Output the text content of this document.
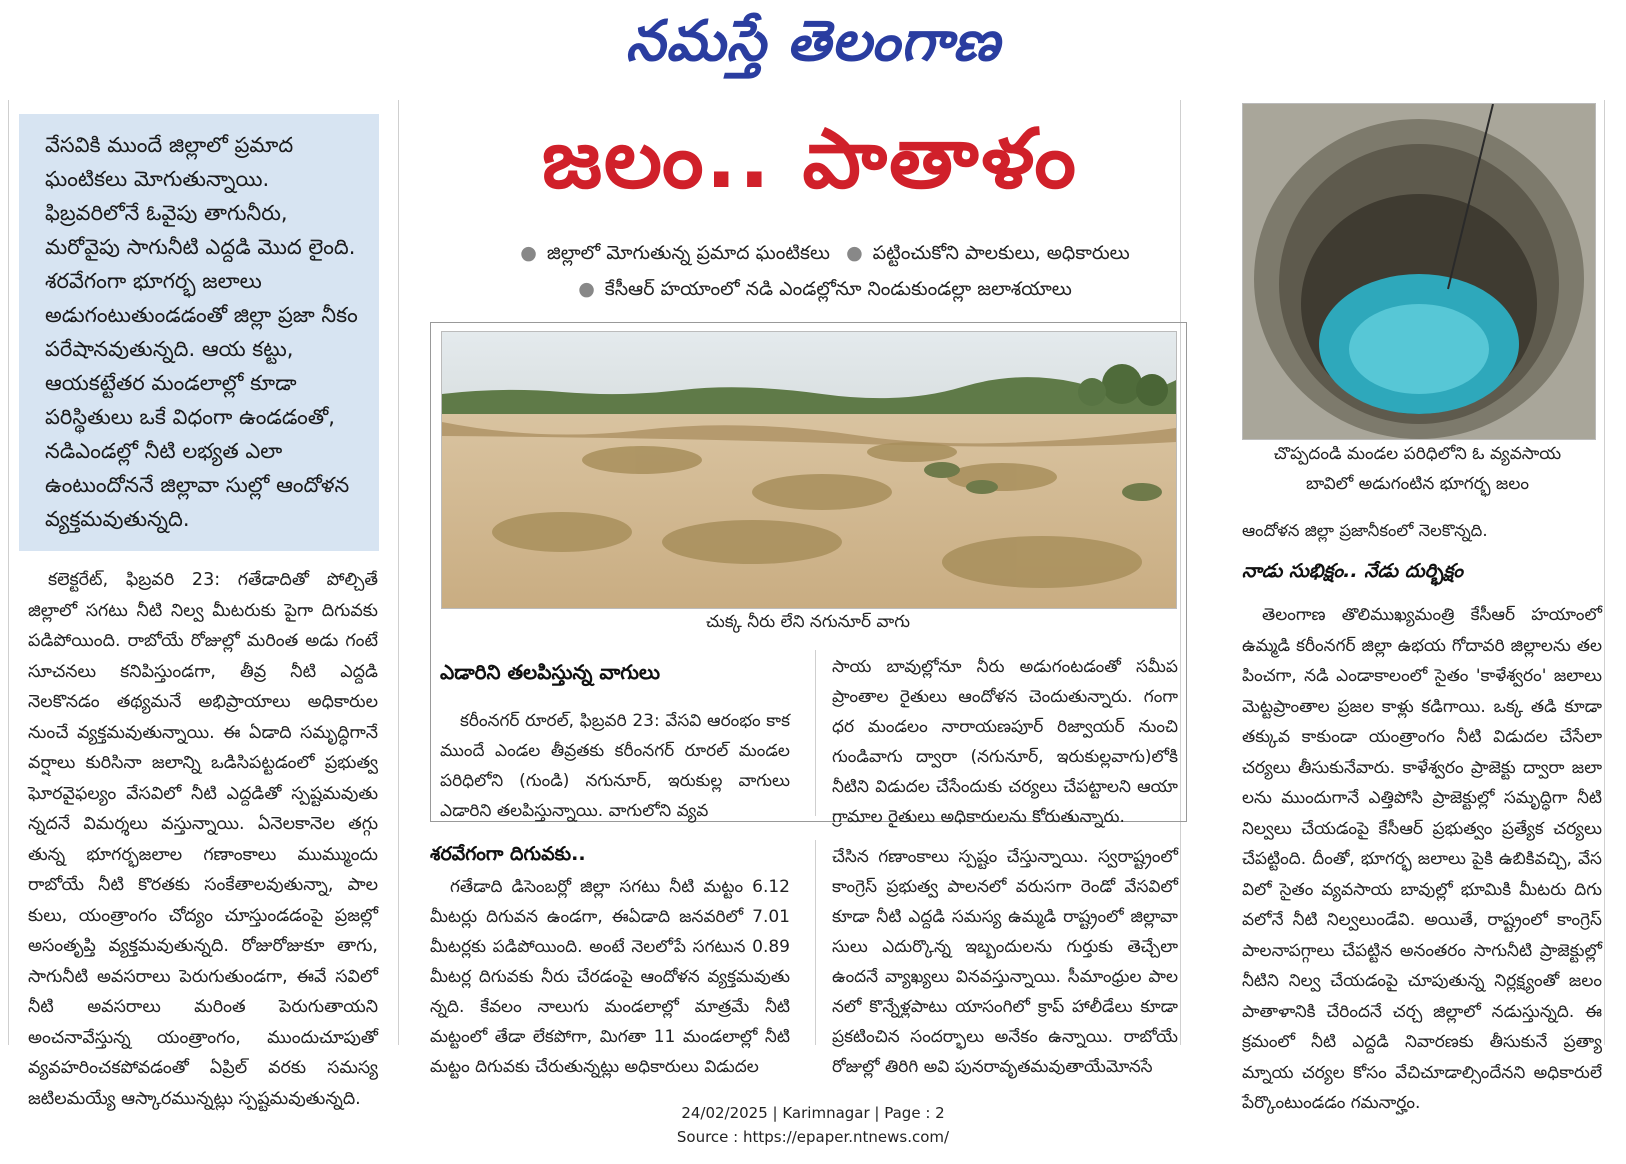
నమస్తే తెలంగాణ

వేసవికి ముందే జిల్లాలో ప్రమాద ఘంటికలు మోగుతున్నాయి. ఫిబ్రవరిలోనే ఓవైపు తాగునీరు, మరోవైపు సాగునీటి ఎద్దడి మొద లైంది. శరవేగంగా భూగర్భ జలాలు అడుగంటుతుండడంతో జిల్లా ప్రజా నీకం పరేషానవుతున్నది. ఆయ కట్టు, ఆయకట్టేతర మండలాల్లో కూడా పరిస్థితులు ఒకే విధంగా ఉండడంతో, నడిఎండల్లో నీటి లభ్యత ఎలా ఉంటుందోననే జిల్లావా సుల్లో ఆందోళన వ్యక్తమవుతున్నది.

జలం.. పాతాళం
● జిల్లాలో మోగుతున్న ప్రమాద ఘంటికలు ● పట్టించుకోని పాలకులు, అధికారులు
● కేసీఆర్ హయాంలో నడి ఎండల్లోనూ నిండుకుండల్లా జలాశయాలు
చుక్క నీరు లేని నగునూర్ వాగు
చొప్పదండి మండల పరిధిలోని ఓ వ్యవసాయ
బావిలో అడుగంటిన భూగర్భ జలం

కలెక్టరేట్, ఫిబ్రవరి 23: గతేడాదితో పోల్చితే జిల్లాలో సగటు నీటి నిల్వ మీటరుకు పైగా దిగువకు పడిపోయింది. రాబోయే రోజుల్లో మరింత అడు గంటే సూచనలు కనిపిస్తుండగా, తీవ్ర నీటి ఎద్దడి నెలకొనడం తథ్యమనే అభిప్రాయాలు అధికారుల నుంచే వ్యక్తమవుతున్నాయి. ఈ ఏడాది సమృద్ధిగానే వర్షాలు కురిసినా జలాన్ని ఒడిసిపట్టడంలో ప్రభుత్వ ఘోరవైఫల్యం వేసవిలో నీటి ఎద్దడితో స్పష్టమవుతు న్నదనే విమర్శలు వస్తున్నాయి. ఏనెలకానెల తగ్గు తున్న భూగర్భజలాల గణాంకాలు ముమ్ముందు రాబోయే నీటి కొరతకు సంకేతాలవుతున్నా, పాల కులు, యంత్రాంగం చోద్యం చూస్తుండడంపై ప్రజల్లో అసంతృప్తి వ్యక్తమవుతున్నది. రోజురోజుకూ తాగు, సాగునీటి అవసరాలు పెరుగుతుండగా, ఈవే సవిలో నీటి అవసరాలు మరింత పెరుగుతాయని అంచనావేస్తున్న యంత్రాంగం, ముందుచూపుతో వ్యవహరించకపోవడంతో ఏప్రిల్ వరకు సమస్య జటిలమయ్యే ఆస్కారమున్నట్లు స్పష్టమవుతున్నది.

ఎడారిని తలపిస్తున్న వాగులు

కరీంనగర్ రూరల్, ఫిబ్రవరి 23: వేసవి ఆరంభం కాక ముందే ఎండల తీవ్రతకు కరీంనగర్ రూరల్ మండల పరిధిలోని (గుండి) నగునూర్, ఇరుకుల్ల వాగులు ఎడారిని తలపిస్తున్నాయి. వాగులోని వ్యవ

సాయ బావుల్లోనూ నీరు అడుగంటడంతో సమీప ప్రాంతాల రైతులు ఆందోళన చెందుతున్నారు. గంగా ధర మండలం నారాయణపూర్ రిజ్వాయర్ నుంచి గుండివాగు ద్వారా (నగునూర్, ఇరుకుల్లవాగు)లోకి నీటిని విడుదల చేసేందుకు చర్యలు చేపట్టాలని ఆయా గ్రామాల రైతులు అధికారులను కోరుతున్నారు.

శరవేగంగా దిగువకు..

గతేడాది డిసెంబర్లో జిల్లా సగటు నీటి మట్టం 6.12 మీటర్లు దిగువన ఉండగా, ఈఏడాది జనవరిలో 7.01 మీటర్లకు పడిపోయింది. అంటే నెలలోపే సగటున 0.89 మీటర్ల దిగువకు నీరు చేరడంపై ఆందోళన వ్యక్తమవుతు న్నది. కేవలం నాలుగు మండలాల్లో మాత్రమే నీటి మట్టంలో తేడా లేకపోగా, మిగతా 11 మండలాల్లో నీటి మట్టం దిగువకు చేరుతున్నట్లు అధికారులు విడుదల

చేసిన గణాంకాలు స్పష్టం చేస్తున్నాయి. స్వరాష్ట్రంలో కాంగ్రెస్ ప్రభుత్వ పాలనలో వరుసగా రెండో వేసవిలో కూడా నీటి ఎద్దడి సమస్య ఉమ్మడి రాష్ట్రంలో జిల్లావా సులు ఎదుర్కొన్న ఇబ్బందులను గుర్తుకు తెచ్చేలా ఉందనే వ్యాఖ్యలు వినవస్తున్నాయి. సీమాంధ్రుల పాల నలో కొన్నేళ్లపాటు యాసంగిలో క్రాప్ హాలీడేలు కూడా ప్రకటించిన సందర్భాలు అనేకం ఉన్నాయి. రాబోయే రోజుల్లో తిరిగి అవి పునరావృతమవుతాయేమోనసే

ఆందోళన జిల్లా ప్రజానీకంలో నెలకొన్నది.

నాడు సుభిక్షం.. నేడు దుర్భిక్షం

తెలంగాణ తొలిముఖ్యమంత్రి కేసీఆర్ హయాంలో ఉమ్మడి కరీంనగర్ జిల్లా ఉభయ గోదావరి జిల్లాలను తల పించగా, నడి ఎండాకాలంలో సైతం 'కాళేశ్వరం' జలాలు మెట్టప్రాంతాల ప్రజల కాళ్లు కడిగాయి. ఒక్క తడి కూడా తక్కువ కాకుండా యంత్రాంగం నీటి విడుదల చేసేలా చర్యలు తీసుకునేవారు. కాళేశ్వరం ప్రాజెక్టు ద్వారా జలా లను ముందుగానే ఎత్తిపోసి ప్రాజెక్టుల్లో సమృద్ధిగా నీటి నిల్వలు చేయడంపై కేసీఆర్ ప్రభుత్వం ప్రత్యేక చర్యలు చేపట్టింది. దీంతో, భూగర్భ జలాలు పైకి ఉబికివచ్చి, వేస విలో సైతం వ్యవసాయ బావుల్లో భూమికి మీటరు దిగు వలోనే నీటి నిల్వలుండేవి. అయితే, రాష్ట్రంలో కాంగ్రెస్ పాలనాపగ్గాలు చేపట్టిన అనంతరం సాగునీటి ప్రాజెక్టుల్లో నీటిని నిల్వ చేయడంపై చూపుతున్న నిర్లక్ష్యంతో జలం పాతాళానికి చేరిందనే చర్చ జిల్లాలో నడుస్తున్నది. ఈ క్రమంలో నీటి ఎద్దడి నివారణకు తీసుకునే ప్రత్యా మ్నాయ చర్యల కోసం వేచిచూడాల్సిందేనని అధికారులే పేర్కొంటుండడం గమనార్హం.

24/02/2025 | Karimnagar | Page : 2
Source : https://epaper.ntnews.com/
